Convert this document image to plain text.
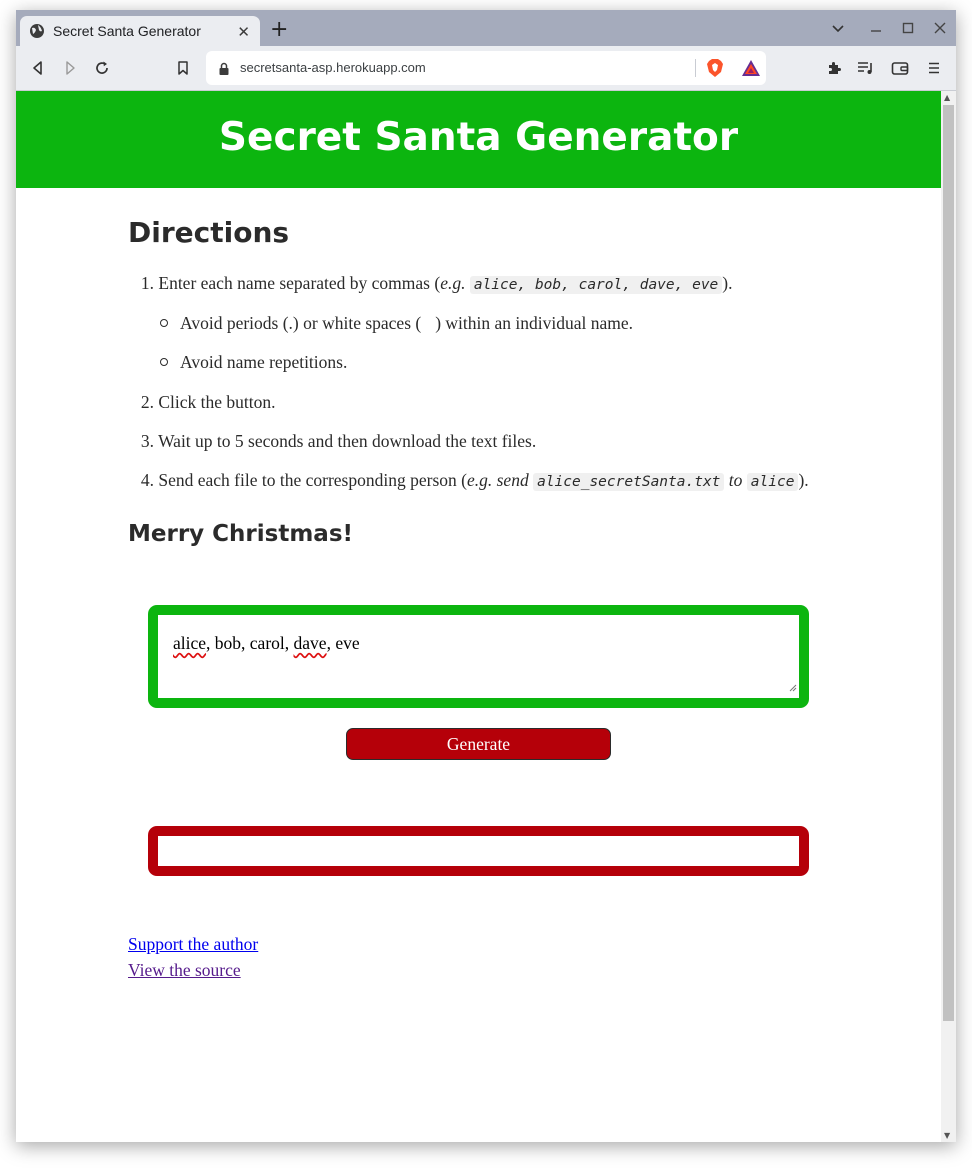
Secret Santa Generator ✕ +
secretsanta-asp.herokuapp.com
Secret Santa Generator
Directions
1. Enter each name separated by commas (e.g. alice, bob, carol, dave, eve ).
Avoid periods (.) or white spaces ( ) within an individual name.
Avoid name repetitions.
2. Click the button.
3. Wait up to 5 seconds and then download the text files.
4. Send each file to the corresponding person (e.g. send alice_secretSanta.txt to alice ).
Merry Christmas!
alice, bob, carol, dave, eve
Generate
Support the author
View the source
▲
▼
